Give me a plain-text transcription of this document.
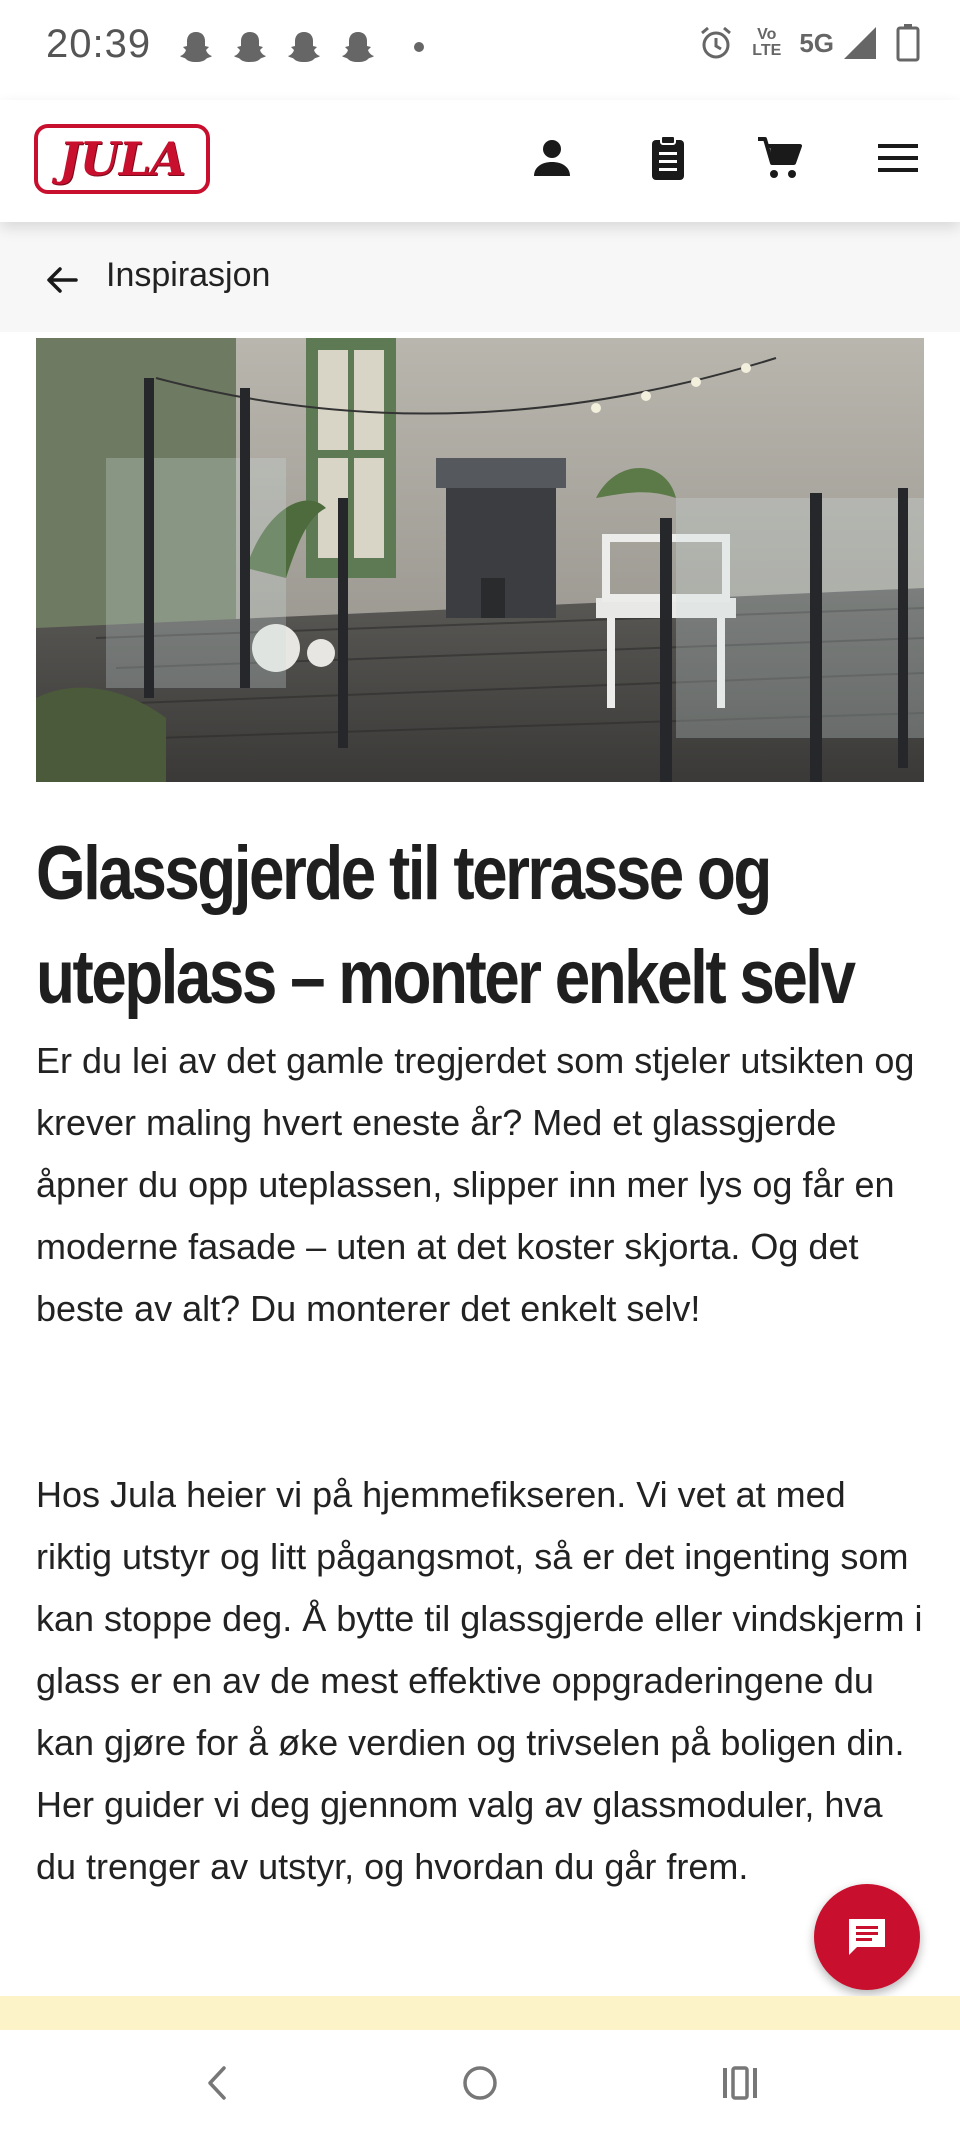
20:39	Vo
LTE 5G
JULA
Inspirasjon
Glassgjerde til terrasse og uteplass – monter enkelt selv

Er du lei av det gamle tregjerdet som stjeler utsikten og krever maling hvert eneste år? Med et glassgjerde åpner du opp uteplassen, slipper inn mer lys og får en moderne fasade – uten at det koster skjorta. Og det beste av alt? Du monterer det enkelt selv!

Hos Jula heier vi på hjemmefikseren. Vi vet at med riktig utstyr og litt pågangsmot, så er det ingenting som kan stoppe deg. Å bytte til glassgjerde eller vindskjerm i glass er en av de mest effektive oppgraderingene du kan gjøre for å øke verdien og trivselen på boligen din. Her guider vi deg gjennom valg av glassmoduler, hva du trenger av utstyr, og hvordan du går frem.
